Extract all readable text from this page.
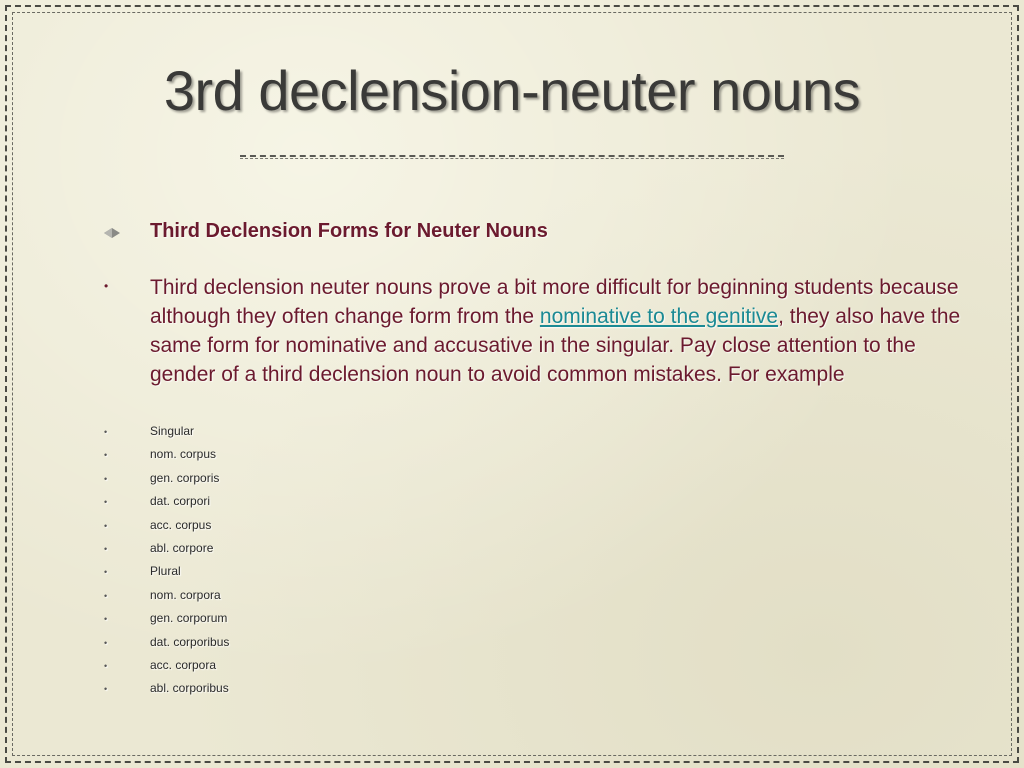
3rd declension-neuter nouns
Third Declension Forms for Neuter Nouns
• Third declension neuter nouns prove a bit more difficult for beginning students because although they often change form from the nominative to the genitive, they also have the same form for nominative and accusative in the singular. Pay close attention to the gender of a third declension noun to avoid common mistakes. For example
•	Singular
•	nom. corpus
•	gen. corporis
•	dat. corpori
•	acc. corpus
•	abl. corpore
•	Plural
•	nom. corpora
•	gen. corporum
•	dat. corporibus
•	acc. corpora
•	abl. corporibus
